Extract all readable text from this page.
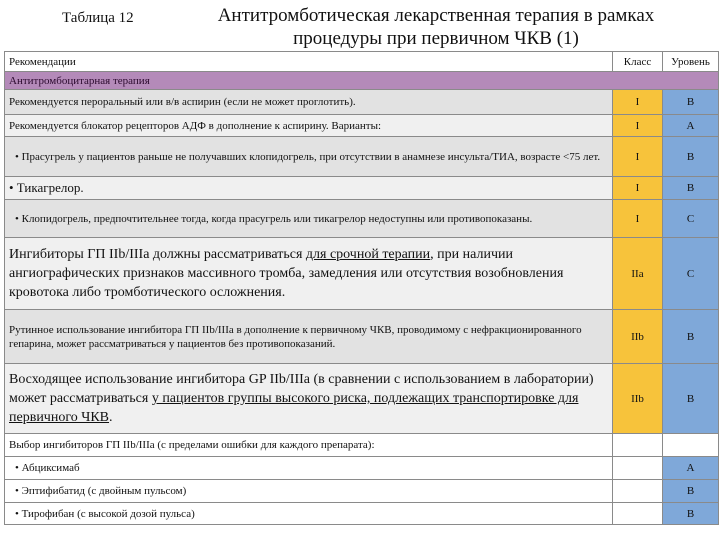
Таблица 12	Антитромботическая лекарственная терапия в рамках процедуры при первичном ЧКВ (1)
Рекомендации	Класс	Уровень
Антитромбоцитарная терапия		
Рекомендуется пероральный или в/в аспирин (если не может проглотить).	I	B
Рекомендуется блокатор рецепторов АДФ в дополнение к аспирину. Варианты:	I	A
• Прасугрель у пациентов раньше не получавших клопидогрель, при отсутствии в анамнезе инсульта/ТИА, возрасте <75 лет.	I	B
• Тикагрелор.	I	B
• Клопидогрель, предпочтительнее тогда, когда прасугрель или тикагрелор недоступны или противопоказаны.	I	C
Ингибиторы ГП IIb/IIIa должны рассматриваться для срочной терапии, при наличии ангиографических признаков массивного тромба, замедления или отсутствия возобновления кровотока либо тромботического осложнения.	IIa	C
Рутинное использование ингибитора ГП IIb/IIIa в дополнение к первичному ЧКВ, проводимому с нефракционированного гепарина, может рассматриваться у пациентов без противопоказаний.	IIb	B
Восходящее использование ингибитора GP IIb/IIIa (в сравнении с использованием в лаборатории) может рассматриваться у пациентов группы высокого риска, подлежащих транспортировке для первичного ЧКВ.	IIb	B
Выбор ингибиторов ГП IIb/IIIa (с пределами ошибки для каждого препарата):		
• Абциксимаб		A
• Эптифибатид (с двойным пульсом)		B
• Тирофибан (с высокой дозой пульса)		B
